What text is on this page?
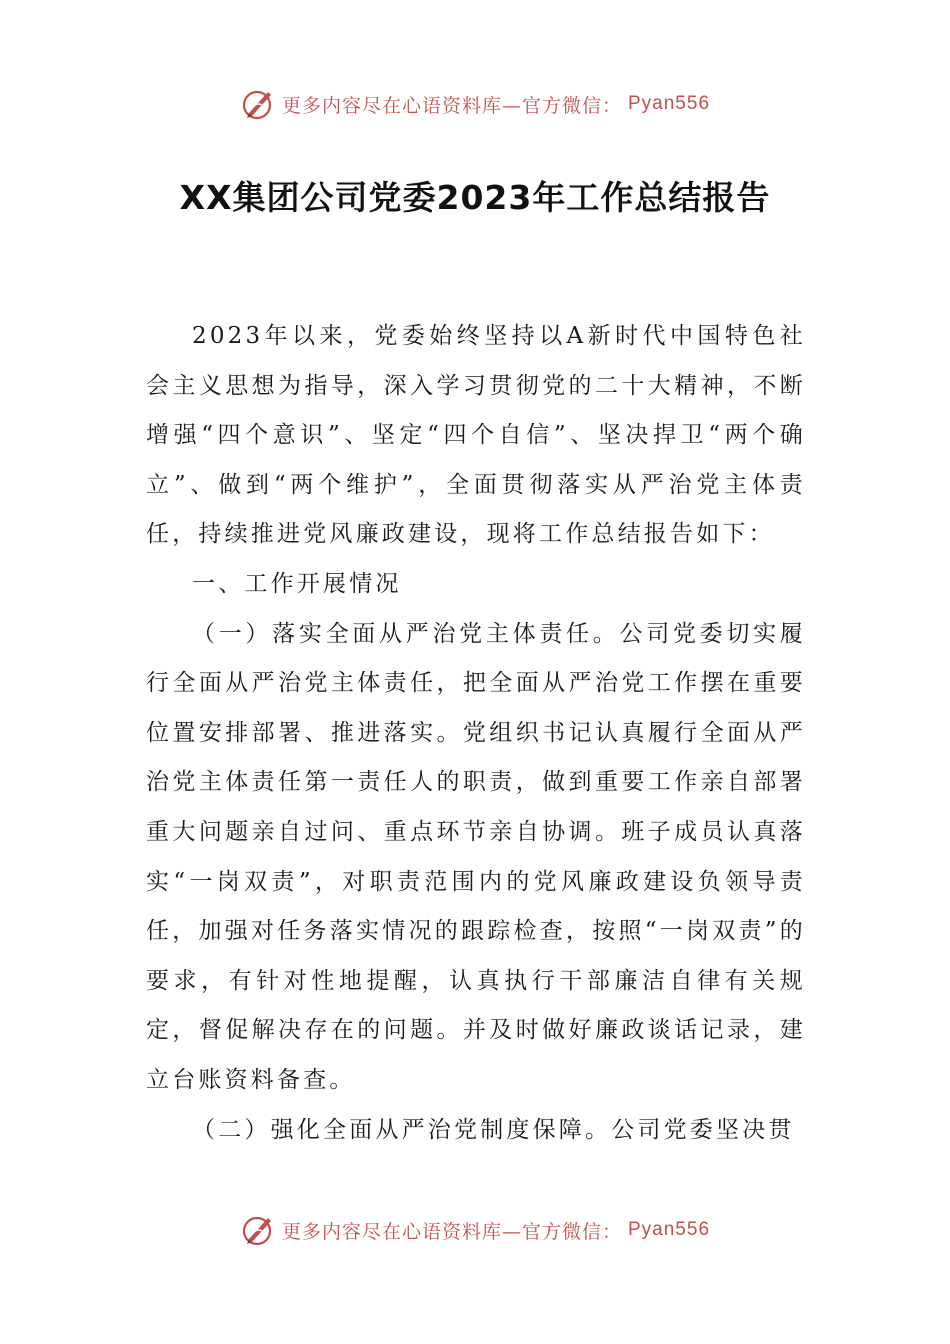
更多内容尽在心语资料库—官方微信： Pyan556
XX集团公司党委2023年工作总结报告

2023年以来，党委始终坚持以A新时代中国特色社会主义思想为指导，深入学习贯彻党的二十大精神，不断增强“四个意识”、坚定“四个自信”、坚决捍卫“两个确立”、做到“两个维护”，全面贯彻落实从严治党主体责任，持续推进党风廉政建设，现将工作总结报告如下：

一、工作开展情况

（一）落实全面从严治党主体责任。公司党委切实履行全面从严治党主体责任，把全面从严治党工作摆在重要位置安排部署、推进落实。党组织书记认真履行全面从严治党主体责任第一责任人的职责，做到重要工作亲自部署重大问题亲自过问、重点环节亲自协调。班子成员认真落实“一岗双责”，对职责范围内的党风廉政建设负领导责任，加强对任务落实情况的跟踪检查，按照“一岗双责”的要求，有针对性地提醒，认真执行干部廉洁自律有关规定，督促解决存在的问题。并及时做好廉政谈话记录，建立台账资料备查。

（二）强化全面从严治党制度保障。公司党委坚决贯

更多内容尽在心语资料库—官方微信： Pyan556
